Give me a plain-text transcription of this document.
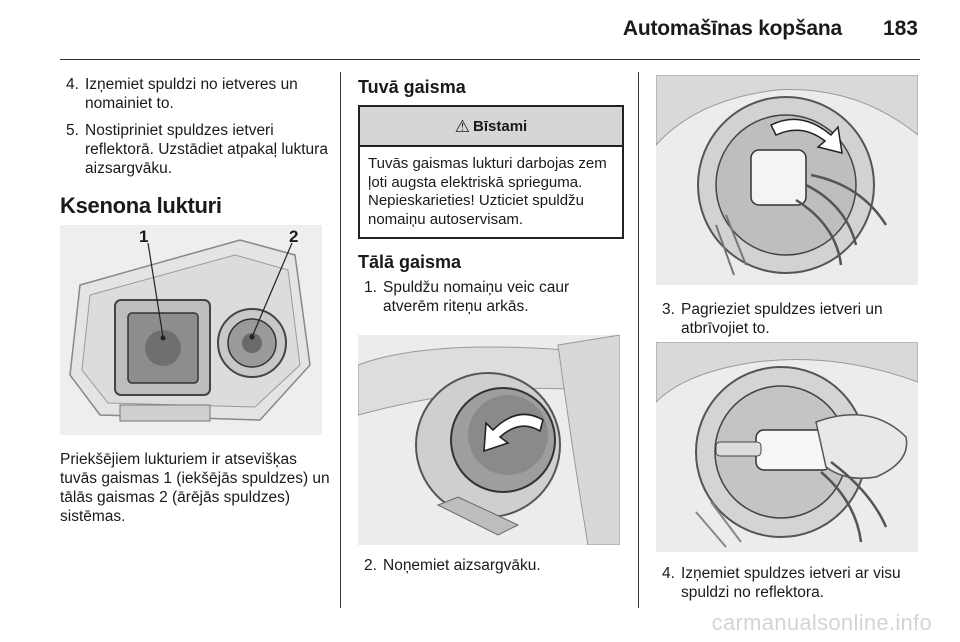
Automašīnas kopšana 183
4. Izņemiet spuldzi no ietveres un nomainiet to.
5. Nostipriniet spuldzes ietveri reflektorā. Uzstādiet atpakaļ luktura aizsargvāku.
Ksenona lukturi
1	2

Priekšējiem lukturiem ir atsevišķas tuvās gaismas 1 (iekšējās spuldzes) un tālās gaismas 2 (ārējās spuldzes) sistēmas.

Tuvā gaisma
⚠ Bīstami
Tuvās gaismas lukturi darbojas zem ļoti augsta elektriskā sprieguma. Nepieskarieties! Uzticiet spuldžu nomaiņu autoservisam.
Tālā gaisma
1. Spuldžu nomaiņu veic caur atverēm riteņu arkās.
2. Noņemiet aizsargvāku.
3. Pagrieziet spuldzes ietveri un atbrīvojiet to.
4. Izņemiet spuldzes ietveri ar visu spuldzi no reflektora.
carmanualsonline.info
